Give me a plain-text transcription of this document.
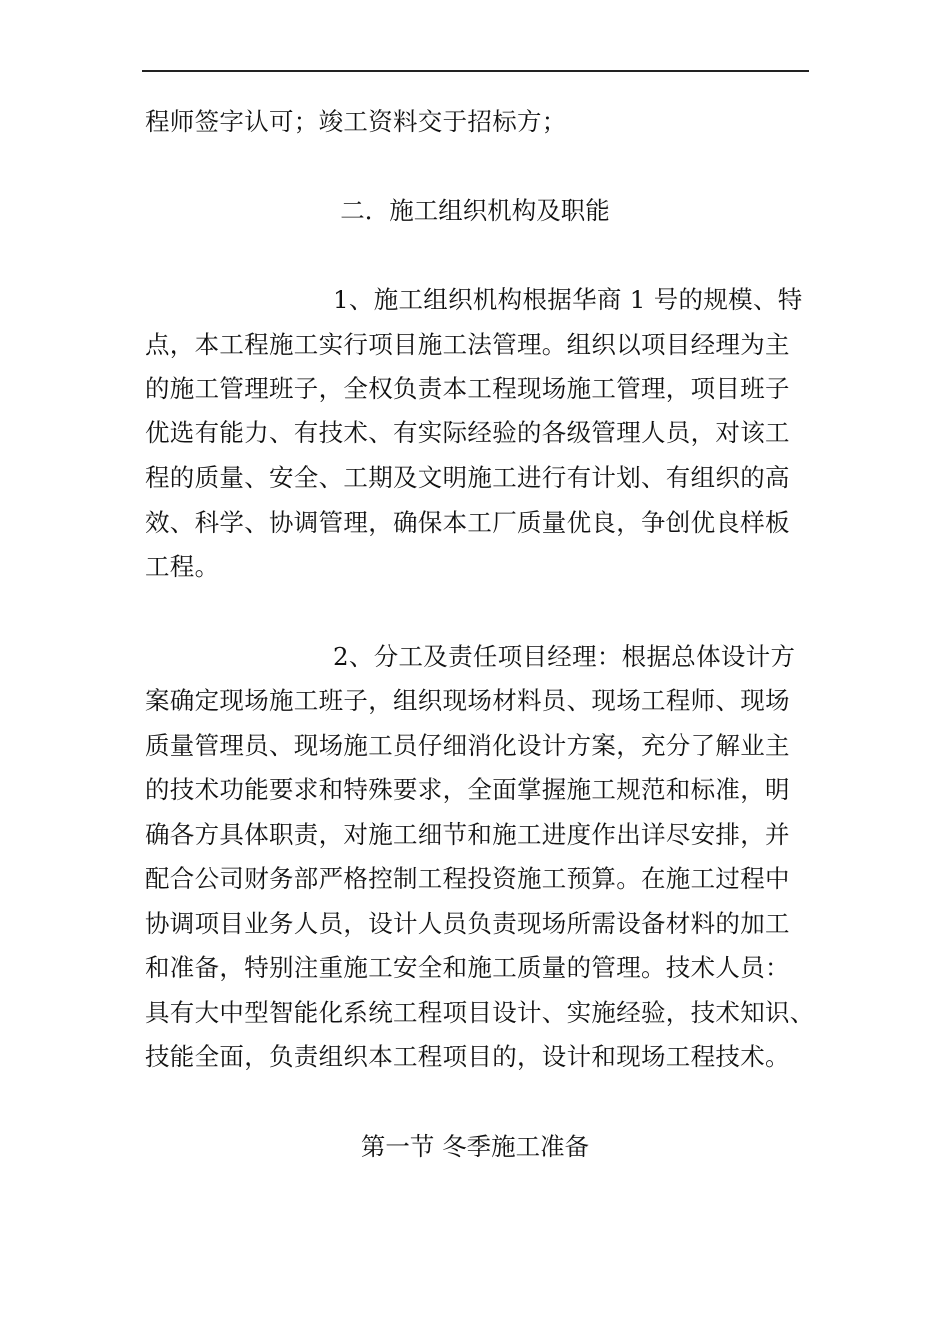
程师签字认可；竣工资料交于招标方；
二．施工组织机构及职能
1、施工组织机构根据华商 1 号的规模、特
点，本工程施工实行项目施工法管理。组织以项目经理为主
的施工管理班子，全权负责本工程现场施工管理，项目班子
优选有能力、有技术、有实际经验的各级管理人员，对该工
程的质量、安全、工期及文明施工进行有计划、有组织的高
效、科学、协调管理，确保本工厂质量优良，争创优良样板
工程。
2、分工及责任项目经理：根据总体设计方
案确定现场施工班子，组织现场材料员、现场工程师、现场
质量管理员、现场施工员仔细消化设计方案，充分了解业主
的技术功能要求和特殊要求，全面掌握施工规范和标准，明
确各方具体职责，对施工细节和施工进度作出详尽安排，并
配合公司财务部严格控制工程投资施工预算。在施工过程中
协调项目业务人员，设计人员负责现场所需设备材料的加工
和准备，特别注重施工安全和施工质量的管理。技术人员：
具有大中型智能化系统工程项目设计、实施经验，技术知识、
技能全面，负责组织本工程项目的，设计和现场工程技术。
第一节 冬季施工准备
